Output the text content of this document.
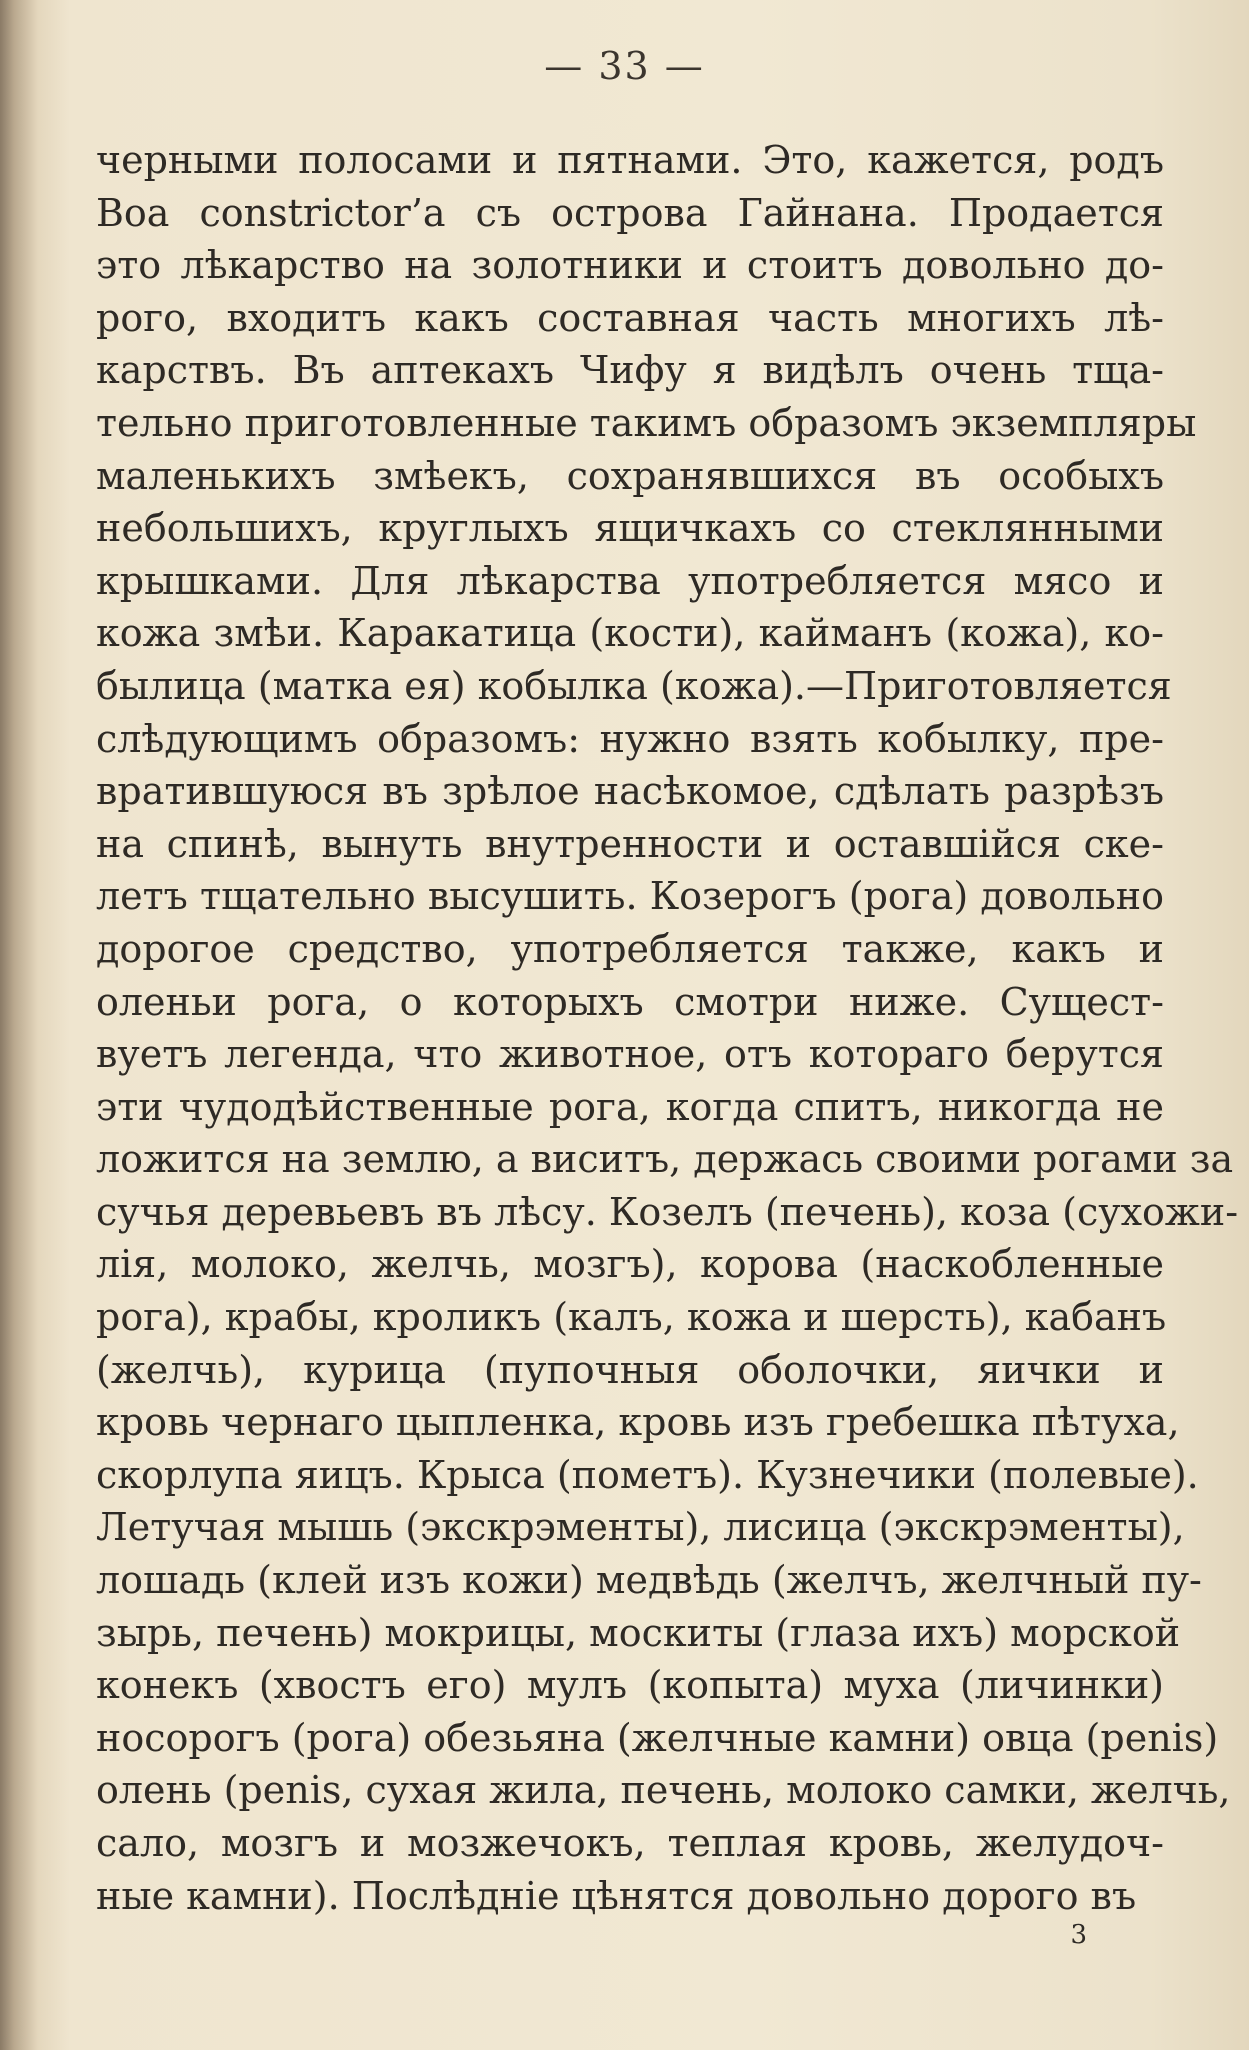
— 33 —
черными полосами и пятнами. Это, кажется, родъ
Boa constrictor’а съ острова Гайнана. Продается
это лѣкарство на золотники и стоитъ довольно до-
рого, входитъ какъ составная часть многихъ лѣ-
карствъ. Въ аптекахъ Чифу я видѣлъ очень тща-
тельно приготовленные такимъ образомъ экземпляры
маленькихъ змѣекъ, сохранявшихся въ особыхъ
небольшихъ, круглыхъ ящичкахъ со стеклянными
крышками. Для лѣкарства употребляется мясо и
кожа змѣи. Каракатица (кости), кайманъ (кожа), ко-
былица (матка ея) кобылка (кожа).—Приготовляется
слѣдующимъ образомъ: нужно взять кобылку, пре-
вратившуюся въ зрѣлое насѣкомое, сдѣлать разрѣзъ
на спинѣ, вынуть внутренности и оставшійся ске-
летъ тщательно высушить. Козерогъ (рога) довольно
дорогое средство, употребляется также, какъ и
оленьи рога, о которыхъ смотри ниже. Сущест-
вуетъ легенда, что животное, отъ котораго берутся
эти чудодѣйственные рога, когда спитъ, никогда не
ложится на землю, а виситъ, держась своими рогами за
сучья деревьевъ въ лѣсу. Козелъ (печень), коза (сухожи-
лія, молоко, желчь, мозгъ), корова (наскобленные
рога), крабы, кроликъ (калъ, кожа и шерсть), кабанъ
(желчь), курица (пупочныя оболочки, яички и
кровь чернаго цыпленка, кровь изъ гребешка пѣтуха,
скорлупа яицъ. Крыса (пометъ). Кузнечики (полевые).
Летучая мышь (экскрэменты), лисица (экскрэменты),
лошадь (клей изъ кожи) медвѣдь (желчъ, желчный пу-
зырь, печень) мокрицы, москиты (глаза ихъ) морской
конекъ (хвостъ его) мулъ (копыта) муха (личинки)
носорогъ (рога) обезьяна (желчные камни) овца (penis)
олень (penis, сухая жила, печень, молоко самки, желчь,
сало, мозгъ и мозжечокъ, теплая кровь, желудоч-
ные камни). Послѣдніе цѣнятся довольно дорого въ
3
